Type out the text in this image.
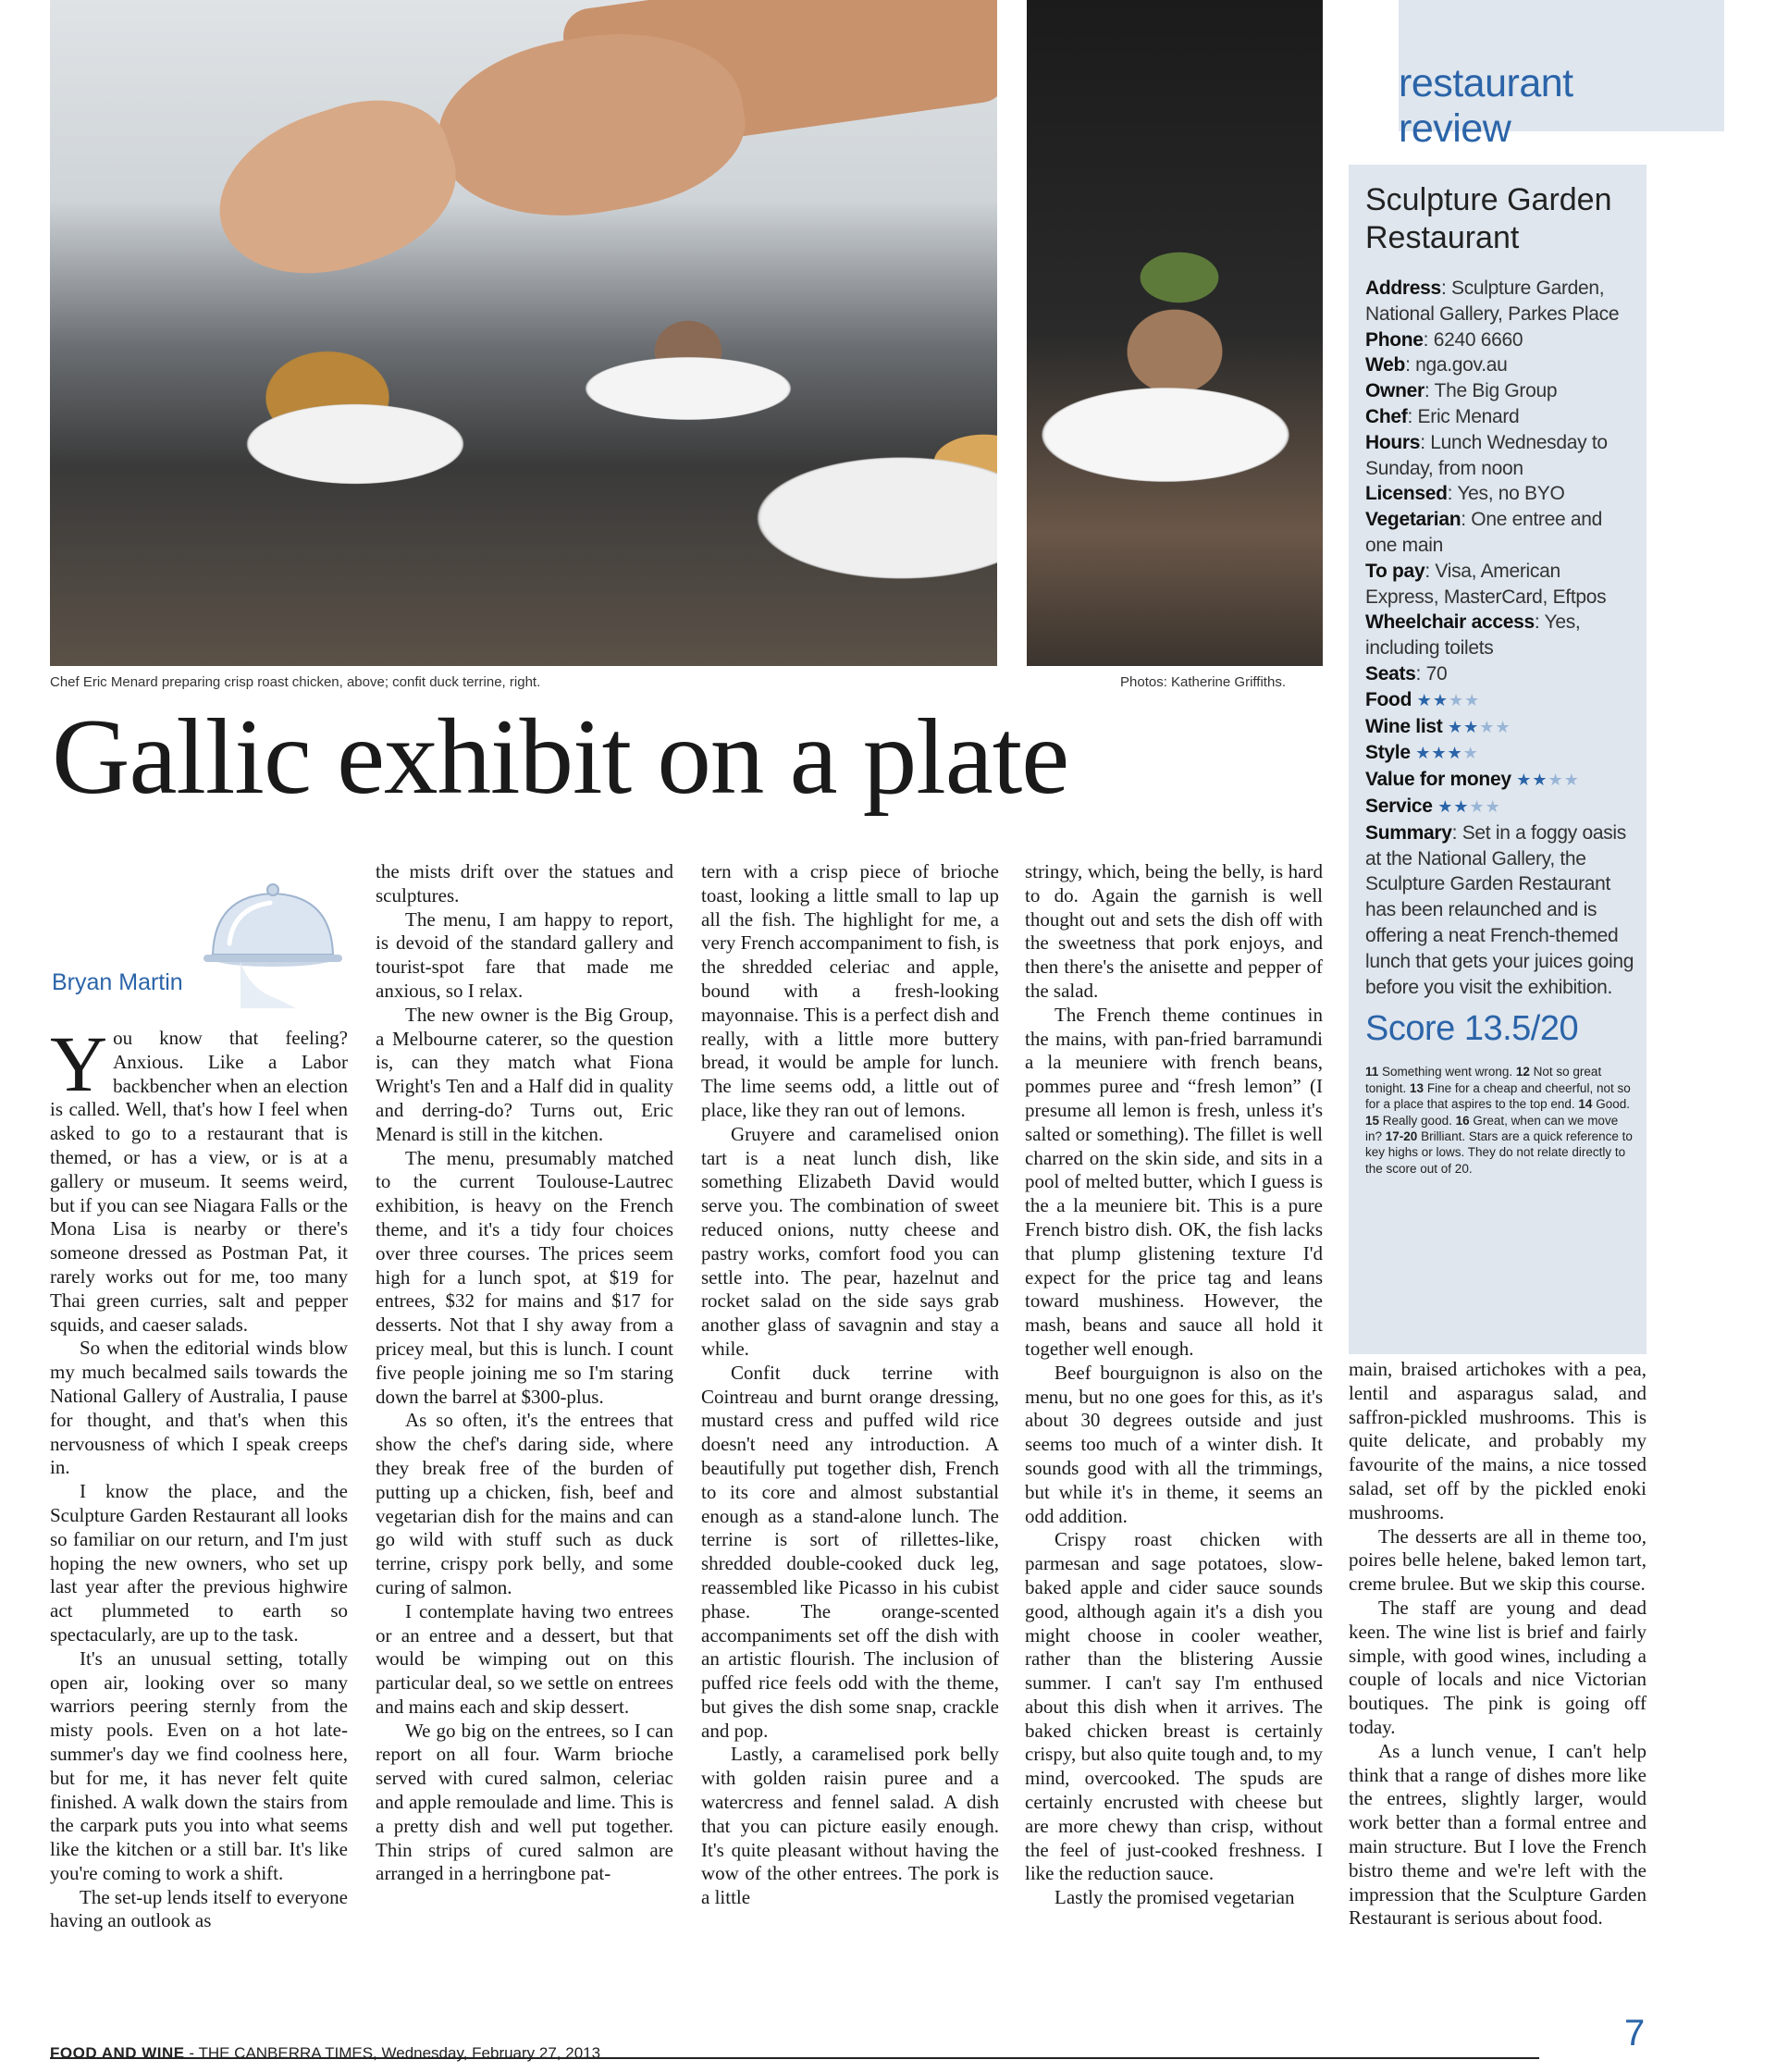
Chef Eric Menard preparing crisp roast chicken, above; confit duck terrine, right.	Photos: Katherine Griffiths.
restaurant review
Gallic exhibit on a plate
Sculpture Garden
Restaurant
Address: Sculpture Garden, National Gallery, Parkes Place
Phone: 6240 6660
Web: nga.gov.au
Owner: The Big Group
Chef: Eric Menard
Hours: Lunch Wednesday to Sunday, from noon
Licensed: Yes, no BYO
Vegetarian: One entree and one main
To pay: Visa, American Express, MasterCard, Eftpos
Wheelchair access: Yes, including toilets
Seats: 70
Food ★★★★
Wine list ★★★★
Style ★★★★
Value for money ★★★★
Service ★★★★
Summary: Set in a foggy oasis at the National Gallery, the Sculpture Garden Restaurant has been relaunched and is offering a neat French-themed lunch that gets your juices going before you visit the exhibition.
Score 13.5/20
11 Something went wrong. 12 Not so great tonight. 13 Fine for a cheap and cheerful, not so for a place that aspires to the top end. 14 Good. 15 Really good. 16 Great, when can we move in? 17-20 Brilliant. Stars are a quick reference to key highs or lows. They do not relate directly to the score out of 20.
Bryan Martin
Y ou know that feeling? Anxious. Like a Labor backbencher when an election is called. Well, that's how I feel when asked to go to a restaurant that is themed, or has a view, or is at a gallery or museum. It seems weird, but if you can see Niagara Falls or the Mona Lisa is nearby or there's someone dressed as Postman Pat, it rarely works out for me, too many Thai green curries, salt and pepper squids, and caeser salads.

So when the editorial winds blow my much becalmed sails towards the National Gallery of Australia, I pause for thought, and that's when this nervousness of which I speak creeps in.

I know the place, and the Sculpture Garden Restaurant all looks so familiar on our return, and I'm just hoping the new owners, who set up last year after the previous highwire act plummeted to earth so spectacularly, are up to the task.

It's an unusual setting, totally open air, looking over so many warriors peering sternly from the misty pools. Even on a hot late-summer's day we find coolness here, but for me, it has never felt quite finished. A walk down the stairs from the carpark puts you into what seems like the kitchen or a still bar. It's like you're coming to work a shift.

The set-up lends itself to everyone having an outlook as

the mists drift over the statues and sculptures.

The menu, I am happy to report, is devoid of the standard gallery and tourist-spot fare that made me anxious, so I relax.

The new owner is the Big Group, a Melbourne caterer, so the question is, can they match what Fiona Wright's Ten and a Half did in quality and derring-do? Turns out, Eric Menard is still in the kitchen.

The menu, presumably matched to the current Toulouse-Lautrec exhibition, is heavy on the French theme, and it's a tidy four choices over three courses. The prices seem high for a lunch spot, at $19 for entrees, $32 for mains and $17 for desserts. Not that I shy away from a pricey meal, but this is lunch. I count five people joining me so I'm staring down the barrel at $300-plus.

As so often, it's the entrees that show the chef's daring side, where they break free of the burden of putting up a chicken, fish, beef and vegetarian dish for the mains and can go wild with stuff such as duck terrine, crispy pork belly, and some curing of salmon.

I contemplate having two entrees or an entree and a dessert, but that would be wimping out on this particular deal, so we settle on entrees and mains each and skip dessert.

We go big on the entrees, so I can report on all four. Warm brioche served with cured salmon, celeriac and apple remoulade and lime. This is a pretty dish and well put together. Thin strips of cured salmon are arranged in a herringbone pat-

tern with a crisp piece of brioche toast, looking a little small to lap up all the fish. The highlight for me, a very French accompaniment to fish, is the shredded celeriac and apple, bound with a fresh-looking mayonnaise. This is a perfect dish and really, with a little more buttery bread, it would be ample for lunch. The lime seems odd, a little out of place, like they ran out of lemons.

Gruyere and caramelised onion tart is a neat lunch dish, like something Elizabeth David would serve you. The combination of sweet reduced onions, nutty cheese and pastry works, comfort food you can settle into. The pear, hazelnut and rocket salad on the side says grab another glass of savagnin and stay a while.

Confit duck terrine with Cointreau and burnt orange dressing, mustard cress and puffed wild rice doesn't need any introduction. A beautifully put together dish, French to its core and almost substantial enough as a stand-alone lunch. The terrine is sort of rillettes-like, shredded double-cooked duck leg, reassembled like Picasso in his cubist phase. The orange-scented accompaniments set off the dish with an artistic flourish. The inclusion of puffed rice feels odd with the theme, but gives the dish some snap, crackle and pop.

Lastly, a caramelised pork belly with golden raisin puree and a watercress and fennel salad. A dish that you can picture easily enough. It's quite pleasant without having the wow of the other entrees. The pork is a little

stringy, which, being the belly, is hard to do. Again the garnish is well thought out and sets the dish off with the sweetness that pork enjoys, and then there's the anisette and pepper of the salad.

The French theme continues in the mains, with pan-fried barramundi a la meuniere with french beans, pommes puree and “fresh lemon” (I presume all lemon is fresh, unless it's salted or something). The fillet is well charred on the skin side, and sits in a pool of melted butter, which I guess is the a la meuniere bit. This is a pure French bistro dish. OK, the fish lacks that plump glistening texture I'd expect for the price tag and leans toward mushiness. However, the mash, beans and sauce all hold it together well enough.

Beef bourguignon is also on the menu, but no one goes for this, as it's about 30 degrees outside and just seems too much of a winter dish. It sounds good with all the trimmings, but while it's in theme, it seems an odd addition.

Crispy roast chicken with parmesan and sage potatoes, slow-baked apple and cider sauce sounds good, although again it's a dish you might choose in cooler weather, rather than the blistering Aussie summer. I can't say I'm enthused about this dish when it arrives. The baked chicken breast is certainly crispy, but also quite tough and, to my mind, overcooked. The spuds are certainly encrusted with cheese but are more chewy than crisp, without the feel of just-cooked freshness. I like the reduction sauce.

Lastly the promised vegetarian

main, braised artichokes with a pea, lentil and asparagus salad, and saffron-pickled mushrooms. This is quite delicate, and probably my favourite of the mains, a nice tossed salad, set off by the pickled enoki mushrooms.

The desserts are all in theme too, poires belle helene, baked lemon tart, creme brulee. But we skip this course.

The staff are young and dead keen. The wine list is brief and fairly simple, with good wines, including a couple of locals and nice Victorian boutiques. The pink is going off today.

As a lunch venue, I can't help think that a range of dishes more like the entrees, slightly larger, would work better than a formal entree and main structure. But I love the French bistro theme and we're left with the impression that the Sculpture Garden Restaurant is serious about food.

FOOD AND WINE - THE CANBERRA TIMES, Wednesday, February 27, 2013	7
